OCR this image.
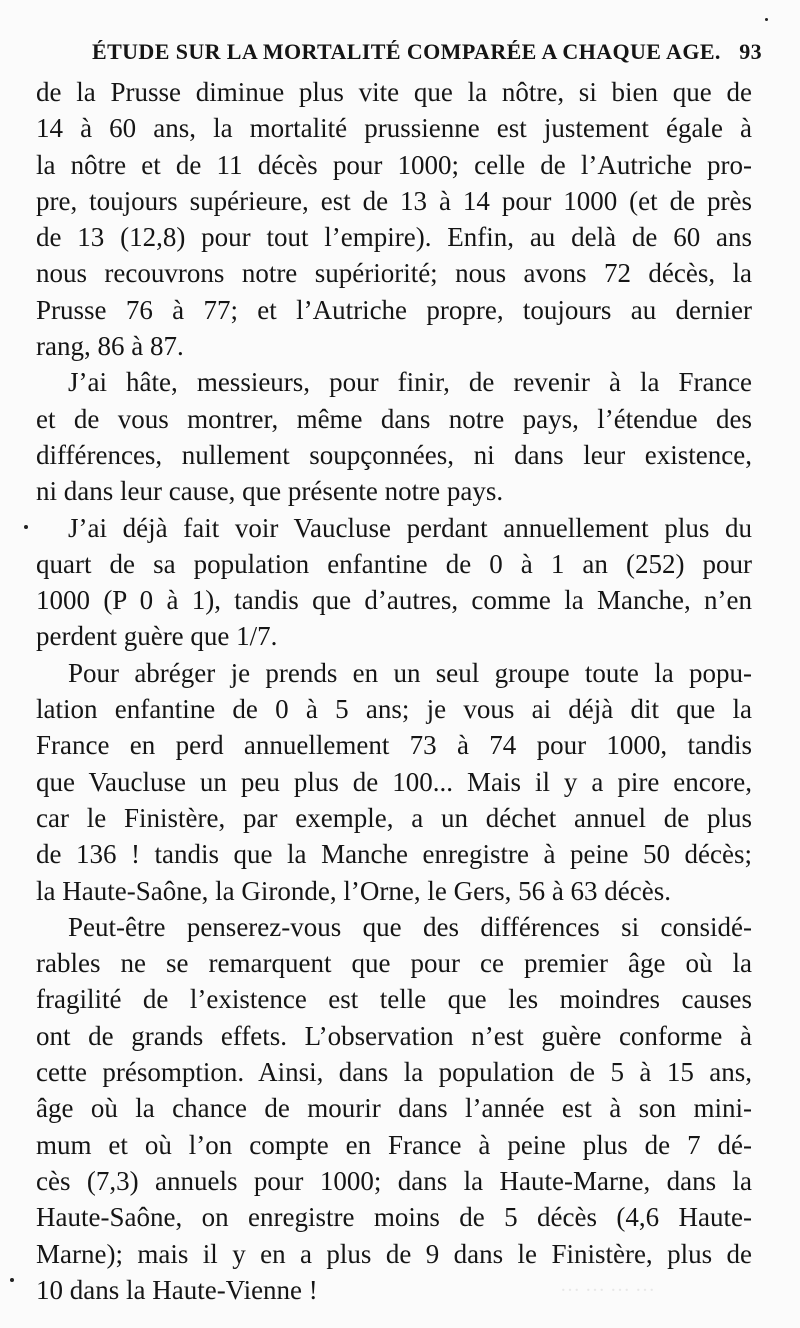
ÉTUDE SUR LA MORTALITÉ COMPARÉE A CHAQUE AGE. 93
de la Prusse diminue plus vite que la nôtre, si bien que de
14 à 60 ans, la mortalité prussienne est justement égale à
la nôtre et de 11 décès pour 1000; celle de l’Autriche pro-
pre, toujours supérieure, est de 13 à 14 pour 1000 (et de près
de 13 (12,8) pour tout l’empire). Enfin, au delà de 60 ans
nous recouvrons notre supériorité; nous avons 72 décès, la
Prusse 76 à 77; et l’Autriche propre, toujours au dernier
rang, 86 à 87.
J’ai hâte, messieurs, pour finir, de revenir à la France
et de vous montrer, même dans notre pays, l’étendue des
différences, nullement soupçonnées, ni dans leur existence,
ni dans leur cause, que présente notre pays.
J’ai déjà fait voir Vaucluse perdant annuellement plus du
quart de sa population enfantine de 0 à 1 an (252) pour
1000 (P 0 à 1), tandis que d’autres, comme la Manche, n’en
perdent guère que 1/7.
Pour abréger je prends en un seul groupe toute la popu-
lation enfantine de 0 à 5 ans; je vous ai déjà dit que la
France en perd annuellement 73 à 74 pour 1000, tandis
que Vaucluse un peu plus de 100... Mais il y a pire encore,
car le Finistère, par exemple, a un déchet annuel de plus
de 136 ! tandis que la Manche enregistre à peine 50 décès;
la Haute-Saône, la Gironde, l’Orne, le Gers, 56 à 63 décès.
Peut-être penserez-vous que des différences si considé-
rables ne se remarquent que pour ce premier âge où la
fragilité de l’existence est telle que les moindres causes
ont de grands effets. L’observation n’est guère conforme à
cette présomption. Ainsi, dans la population de 5 à 15 ans,
âge où la chance de mourir dans l’année est à son mini-
mum et où l’on compte en France à peine plus de 7 dé-
cès (7,3) annuels pour 1000; dans la Haute-Marne, dans la
Haute-Saône, on enregistre moins de 5 décès (4,6 Haute-
Marne); mais il y en a plus de 9 dans le Finistère, plus de
10 dans la Haute-Vienne !	… … … …
